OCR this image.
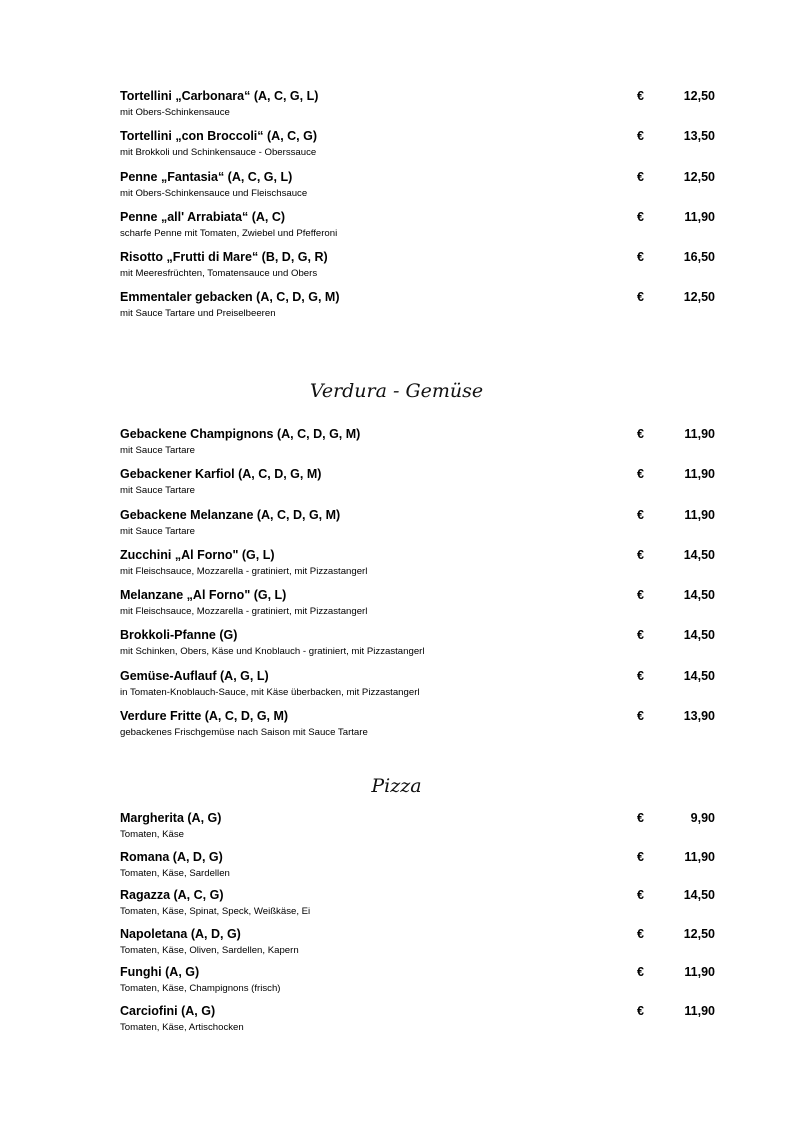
Tortellini „Carbonara“ (A, C, G, L)
mit Obers-Schinkensauce
€	12,50
Tortellini „con Broccoli“ (A, C, G)
mit Brokkoli und Schinkensauce - Oberssauce
€	13,50
Penne „Fantasia“ (A, C, G, L)
mit Obers-Schinkensauce und Fleischsauce
€	12,50
Penne „all' Arrabiata“ (A, C)
scharfe Penne mit Tomaten, Zwiebel und Pfefferoni
€	11,90
Risotto „Frutti di Mare“ (B, D, G, R)
mit Meeresfrüchten, Tomatensauce und Obers
€	16,50
Emmentaler gebacken (A, C, D, G, M)
mit Sauce Tartare und Preiselbeeren
€	12,50
Verdura - Gemüse
Gebackene Champignons (A, C, D, G, M)
mit Sauce Tartare
€	11,90
Gebackener Karfiol (A, C, D, G, M)
mit Sauce Tartare
€	11,90
Gebackene Melanzane (A, C, D, G, M)
mit Sauce Tartare
€	11,90
Zucchini „Al Forno" (G, L)
mit Fleischsauce, Mozzarella - gratiniert, mit Pizzastangerl
€	14,50
Melanzane „Al Forno" (G, L)
mit Fleischsauce, Mozzarella - gratiniert, mit Pizzastangerl
€	14,50
Brokkoli-Pfanne (G)
mit Schinken, Obers, Käse und Knoblauch - gratiniert, mit Pizzastangerl
€	14,50
Gemüse-Auflauf (A, G, L)
in Tomaten-Knoblauch-Sauce, mit Käse überbacken, mit Pizzastangerl
€	14,50
Verdure Fritte (A, C, D, G, M)
gebackenes Frischgemüse nach Saison mit Sauce Tartare
€	13,90
Pizza
Margherita (A, G)
Tomaten, Käse
€	9,90
Romana (A, D, G)
Tomaten, Käse, Sardellen
€	11,90
Ragazza (A, C, G)
Tomaten, Käse, Spinat, Speck, Weißkäse, Ei
€	14,50
Napoletana (A, D, G)
Tomaten, Käse, Oliven, Sardellen, Kapern
€	12,50
Funghi (A, G)
Tomaten, Käse, Champignons (frisch)
€	11,90
Carciofini (A, G)
Tomaten, Käse, Artischocken
€	11,90
